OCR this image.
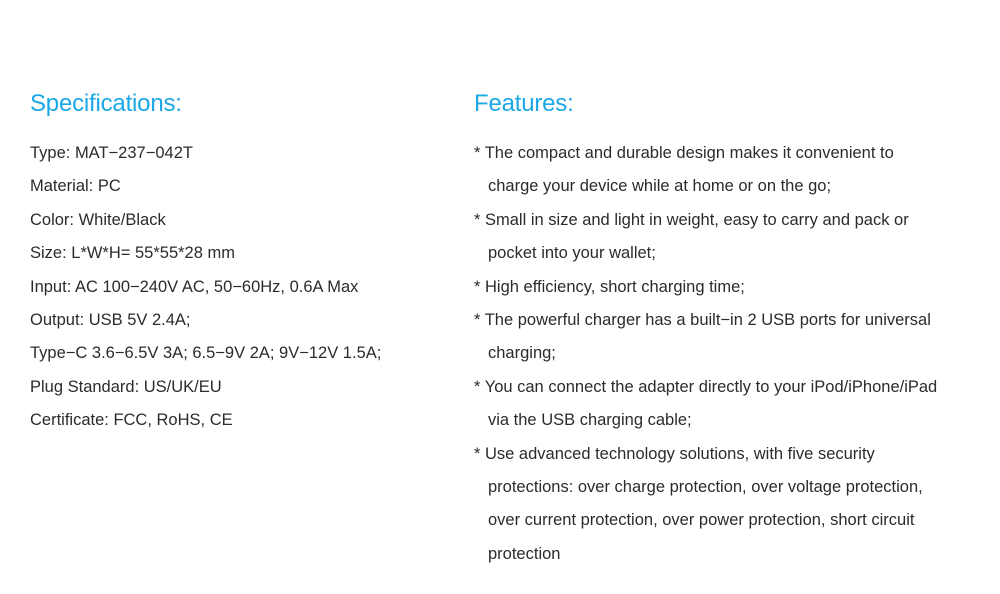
Specifications:
Type: MAT−237−042T
Material: PC
Color: White/Black
Size: L*W*H= 55*55*28 mm
Input: AC 100−240V AC, 50−60Hz, 0.6A Max
Output: USB 5V 2.4A;
Type−C 3.6−6.5V 3A; 6.5−9V 2A; 9V−12V 1.5A;
Plug Standard: US/UK/EU
Certificate: FCC, RoHS, CE
Features:
* The compact and durable design makes it convenient to
charge your device while at home or on the go;
* Small in size and light in weight, easy to carry and pack or
pocket into your wallet;
* High efficiency, short charging time;
* The powerful charger has a built−in 2 USB ports for universal
charging;
* You can connect the adapter directly to your iPod/iPhone/iPad
via the USB charging cable;
* Use advanced technology solutions, with five security
protections: over charge protection, over voltage protection,
over current protection, over power protection, short circuit
protection
